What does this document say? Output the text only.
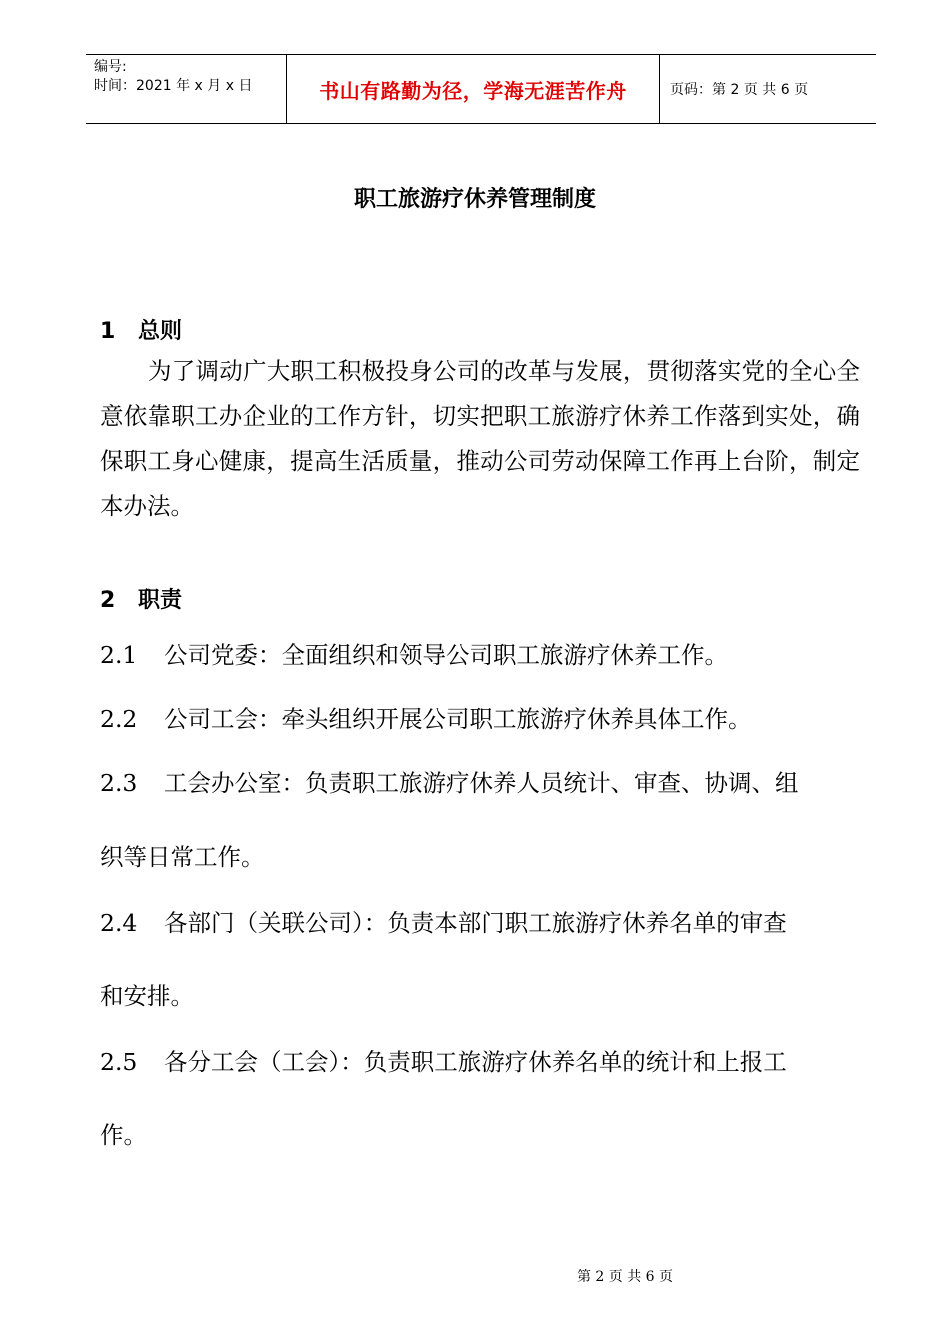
编号:
时间：2021 年 x 月 x 日	书山有路勤为径，学海无涯苦作舟	页码：第 2 页 共 6 页
职工旅游疗休养管理制度
1 总则

为了调动广大职工积极投身公司的改革与发展，贯彻落实党的全心全意依靠职工办企业的工作方针，切实把职工旅游疗休养工作落到实处，确保职工身心健康，提高生活质量，推动公司劳动保障工作再上台阶，制定本办法。

2 职责

2.1 公司党委：全面组织和领导公司职工旅游疗休养工作。

2.2 公司工会：牵头组织开展公司职工旅游疗休养具体工作。

2.3 工会办公室：负责职工旅游疗休养人员统计、审查、协调、组

织等日常工作。

2.4 各部门（关联公司）：负责本部门职工旅游疗休养名单的审查

和安排。

2.5 各分工会（工会）：负责职工旅游疗休养名单的统计和上报工

作。

第 2 页 共 6 页
